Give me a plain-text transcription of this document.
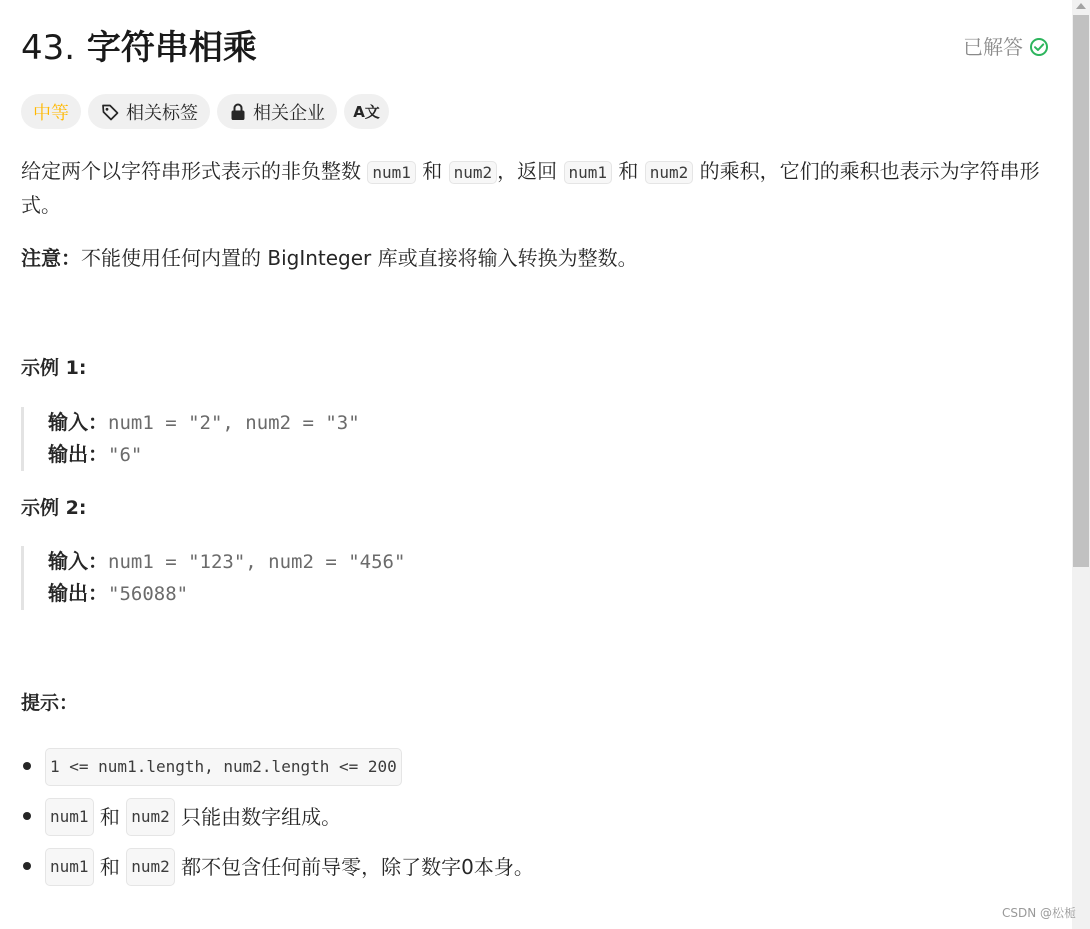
43. 字符串相乘	已解答
中等	相关标签	相关企业 A文

给定两个以字符串形式表示的非负整数 num1 和 num2 ，返回 num1 和 num2 的乘积，它们的乘积也表示为字符串形式。

注意：不能使用任何内置的 BigInteger 库或直接将输入转换为整数。

示例 1:

输入：num1 = "2", num2 = "3"
输出："6"

示例 2:

输入：num1 = "123", num2 = "456"
输出："56088"

提示：

1 <= num1.length, num2.length <= 200
num1 和 num2 只能由数字组成。
num1 和 num2 都不包含任何前导零，除了数字0本身。
CSDN @松栀
